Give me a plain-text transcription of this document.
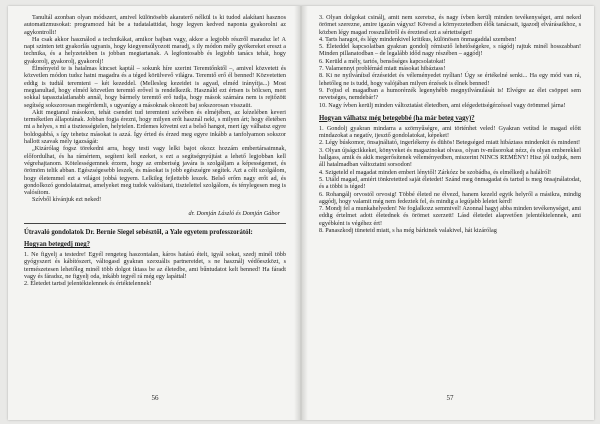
Tanultál azonban olyan módszert, amivel különösebb akaraterő nélkül is ki tudod alakítani hasznos automatizmusokat: programozd hát be a tudatalattidat, hogy legyen kedved naponta gyakorolni az agykontrollt!

Ha csak akkor használod a technikákat, amikor bajban vagy, akkor a legjobb részről maradsz le! A napi szinten tett gyakorlás ugyanis, hogy kiegyensúlyozott maradj, s ily módon mély gyökereket ereszt a technika, és a helyzetekben is jobban megtartanak. A legfontosabb és legjobb tanács tehát, hogy gyakorolj, gyakorolj, gyakorolj!

Élményeid te is hatalmas kincset kaptál – sokunk híre szerint Teremtőnktől –, amivel közvetett és közvetlen módon tudsz hatni magadra és a téged körülvevő világra. Teremtő erő él benned! Közvetetten eddig is tudtál teremteni – két kezeddel. (Mellesleg kezeidet is agyad, elméd irányítja...) Most megtanultad, hogy elméd közvetlen teremtő erővel is rendelkezik. Használd ezt értsen is bölcsen, mert sokkal tapasztalatlanabb annál, hogy bármely teremtő erő tudja, hogy mások számára nem is rejtőzött segítség sokszorosan megérdemli, s ugyanígy a másoknak okozott baj sokszorosan visszaüt.

Akit megtanul másokon, tehát csendet tud teremteni szívében és elméjében, az kézelében keveri terméketlen állapotának. Jobban fogja érezni, hogy milyen erőt használ neki, s milyen árt; hogy életében mi a helyes, s mi a tisztességtelen, helytelen. Erdemes követni ezt a belső hangot, mert így válhatsz egyre boldogabbá, s így tehetsz másokat is azzá. Így érted és érzed meg egyre inkább a tanfolyamon sokszor hallott szavak mély igazságát:

„Kizárólag fogsz törekedni arra, hogy testi vagy lelki bajot okozz hozzám embertársaimnak, előfordulhat, és ha rámértem, segíteni kell ezeket, s ezt a segítségnyújtást a lehető legjobban kell végrehajtanom. Kötelességemnek érzem, hogy az emberiség javára is szolgáljam a képességemet, és örömöm telik abban. Egészségesebb leszek, és másokat is jobb egészségre segítek. Azt a célt szolgálom, hogy életemmel ezt a világot jobbá tegyem. Lelkileg fejlettebb leszek. Belső erőm nagy erőt ad, és gondolkozó gondolataimat, amelyeket meg tudok valósítani, tisztelettel szolgálom, és ténylegesen meg is valósítom.

Szívből kívánjuk ezt neked!

dr. Domján László és Domján Gábor

Útravaló gondolatok Dr. Bernie Siegel sebésztől, a Yale egyetem professzorától:

Hogyan betegedj meg?

1. Ne figyelj a testedre! Egyél rengeteg haszontalan, káros hatású ételt, igyál sokat, szedj minél több gyógyszert és kábítószert, váltogasd gyakran szexuális partnereidet, s ne használj védőeszközt, s természetesen lehetőleg minél több dolgot iktass be az életedbe, ami bűntudatot kelt benned! Ha fáradt vagy és fáradsz, ne figyelj oda, inkább tegyél rá még egy lapáttal!

2. Életedet tartsd jelentéktelennek és értéktelennek!

56

3. Olyan dolgokat csinálj, amit nem szeretsz, és nagy ívben kerülj minden tevékenységet, ami neked örömet szerezne, amire igazán vágysz! Kövesd a környezetedben élők tanácsait, igazodj elvárásaikhoz, s közben légy magad rosszullétről és éreztesd ezt a sértettséget!

4. Tarts haragot, és légy mindenkivel kritikus, különösen önmagaddal szemben!

5. Életeddel kapcsolatban gyakran gondolj rémisztő lehetőségekre, s rágódj rajtuk minél hosszabban! Minden pillanatodban – de legalább időd nagy részében – aggódj!

6. Kerüld a mély, tartós, bensőséges kapcsolatokat!

7. Valamennyi problémád miatt másokat hibáztass!

8. Ki ne nyilvánítsd érzéseidet és véleményedet nyíltan! Úgy se értékelné senki... Ha egy mód van rá, lehetőleg ne is tudd, hogy valójában milyen érzések is élnek benned!

9. Fojtsd el magadban a humorérzék legenyhébb megnyilvánulását is! Elvégre az élet csöppet sem nevetséges, nemdebár!?

10. Nagy ívben kerülj minden változtatást életedben, ami elégedettségérzéssel vagy örömmel járna!

Hogyan válhatsz még betegebbé (ha már beteg vagy)?

1. Gondolj gyakran mindarra a szörnyűségre, ami történhet veled! Gyakran vetítsd le magad előtt mindazokat a negatív, ijesztő gondolatokat, képeket!

2. Légy búskomor, önsajnáltató, ingerlékeny és dühös! Betegséged miatt hibáztass mindenkit és mindent!

3. Olyan újságcikkeket, könyveket és magazinokat olvass, olyan tv-műsorokat nézz, és olyan emberekkel hallgass, amik és akik megerősítenek véleményedben, miszerint NINCS REMÉNY! Hisz jól tudjuk, nem áll hatalmadban változtatni sorsodon!

4. Szigeteld el magadat minden emberi lénytől! Zárkózz be szobádba, és elmélkedj a halálról!

5. Utáld magad, amiért tönkretetted saját életedet! Szánd meg önmagadat és tartsd is meg önsajnálatodat, és a többi is téged!

6. Rohangálj orvostól orvosig! Többé életed ne élvezd, hanem kezeld egyik helyről a másikra, mindig aggódj, hogy valamit még nem fedeztek fel, és mindig a legújabb leletet kérd!

7. Mondj fel a munkahelyeden! Ne foglalkozz semmivel! Azonnal hagyj abba minden tevékenységet, ami eddig értelmet adott életednek és örömet szerzett! Lásd életedet alapvetően jelentéktelennek, ami egyébként is végéhez ért!

8. Panaszkodj tüneteid miatt, s ha még bárkinek valakivel, hát kizárólag

57
